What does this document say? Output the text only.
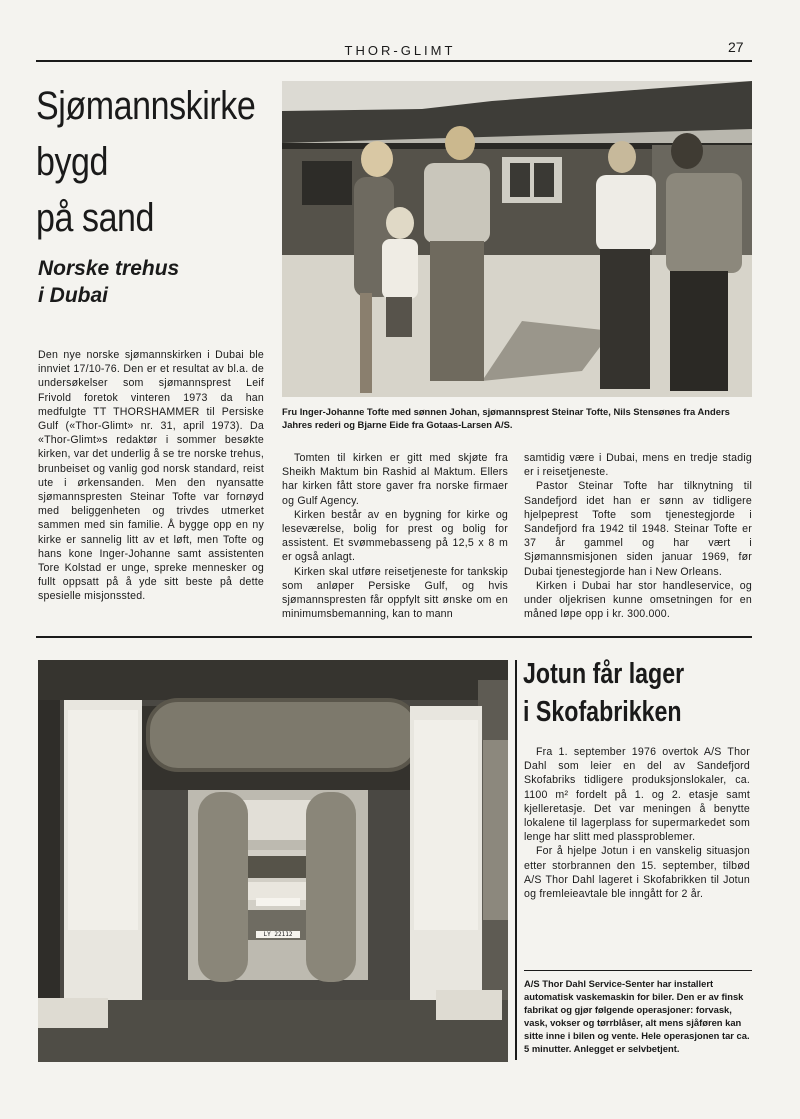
THOR-GLIMT	27
Sjømannskirke
bygd
på sand
Norske trehus
i Dubai

Den nye norske sjømannskirken i Dubai ble innviet 17/10-76. Den er et resultat av bl.a. de undersøkelser som sjømannsprest Leif Frivold foretok vinteren 1973 da han medfulgte TT THORSHAMMER til Persiske Gulf («Thor-Glimt» nr. 31, april 1973). Da «Thor-Glimt»s redaktør i sommer besøkte kirken, var det underlig å se tre norske trehus, brunbeiset og vanlig god norsk standard, reist ute i ørkensanden. Men den nyansatte sjømannspresten Steinar Tofte var fornøyd med beliggenheten og trivdes utmerket sammen med sin familie. Å bygge opp en ny kirke er sannelig litt av et løft, men Tofte og hans kone Inger-Johanne samt assistenten Tore Kolstad er unge, spreke mennesker og fullt oppsatt på å yde sitt beste på dette spesielle misjonssted.

Fru Inger-Johanne Tofte med sønnen Johan, sjømannsprest Steinar Tofte, Nils Stensønes fra Anders Jahres rederi og Bjarne Eide fra Gotaas-Larsen A/S.

Tomten til kirken er gitt med skjøte fra Sheikh Maktum bin Rashid al Maktum. Ellers har kirken fått store gaver fra norske firmaer og Gulf Agency.

Kirken består av en bygning for kirke og leseværelse, bolig for prest og bolig for assistent. Et svømmebasseng på 12,5 x 8 m er også anlagt.

Kirken skal utføre reisetjeneste for tankskip som anløper Persiske Gulf, og hvis sjømannspresten får oppfylt sitt ønske om en minimumsbemanning, kan to mann

samtidig være i Dubai, mens en tredje stadig er i reisetjeneste.

Pastor Steinar Tofte har tilknytning til Sandefjord idet han er sønn av tidligere hjelpeprest Tofte som tjenestegjorde i Sandefjord fra 1942 til 1948. Steinar Tofte er 37 år gammel og har vært i Sjømannsmisjonen siden januar 1969, før Dubai tjenestegjorde han i New Orleans.

Kirken i Dubai har stor handleservice, og under oljekrisen kunne omsetningen for en måned løpe opp i kr. 300.000.

LY 22112
Jotun får lager
i Skofabrikken

Fra 1. september 1976 overtok A/S Thor Dahl som leier en del av Sandefjord Skofabriks tidligere produksjonslokaler, ca. 1100 m² fordelt på 1. og 2. etasje samt kjelleretasje. Det var meningen å benytte lokalene til lagerplass for supermarkedet som lenge har slitt med plassproblemer.

For å hjelpe Jotun i en vanskelig situasjon etter storbrannen den 15. september, tilbød A/S Thor Dahl lageret i Skofabrikken til Jotun og fremleieavtale ble inngått for 2 år.

A/S Thor Dahl Service-Senter har installert automatisk vaskemaskin for biler. Den er av finsk fabrikat og gjør følgende operasjoner: forvask, vask, vokser og tørrblåser, alt mens sjåføren kan sitte inne i bilen og vente. Hele operasjonen tar ca. 5 minutter. Anlegget er selvbetjent.
